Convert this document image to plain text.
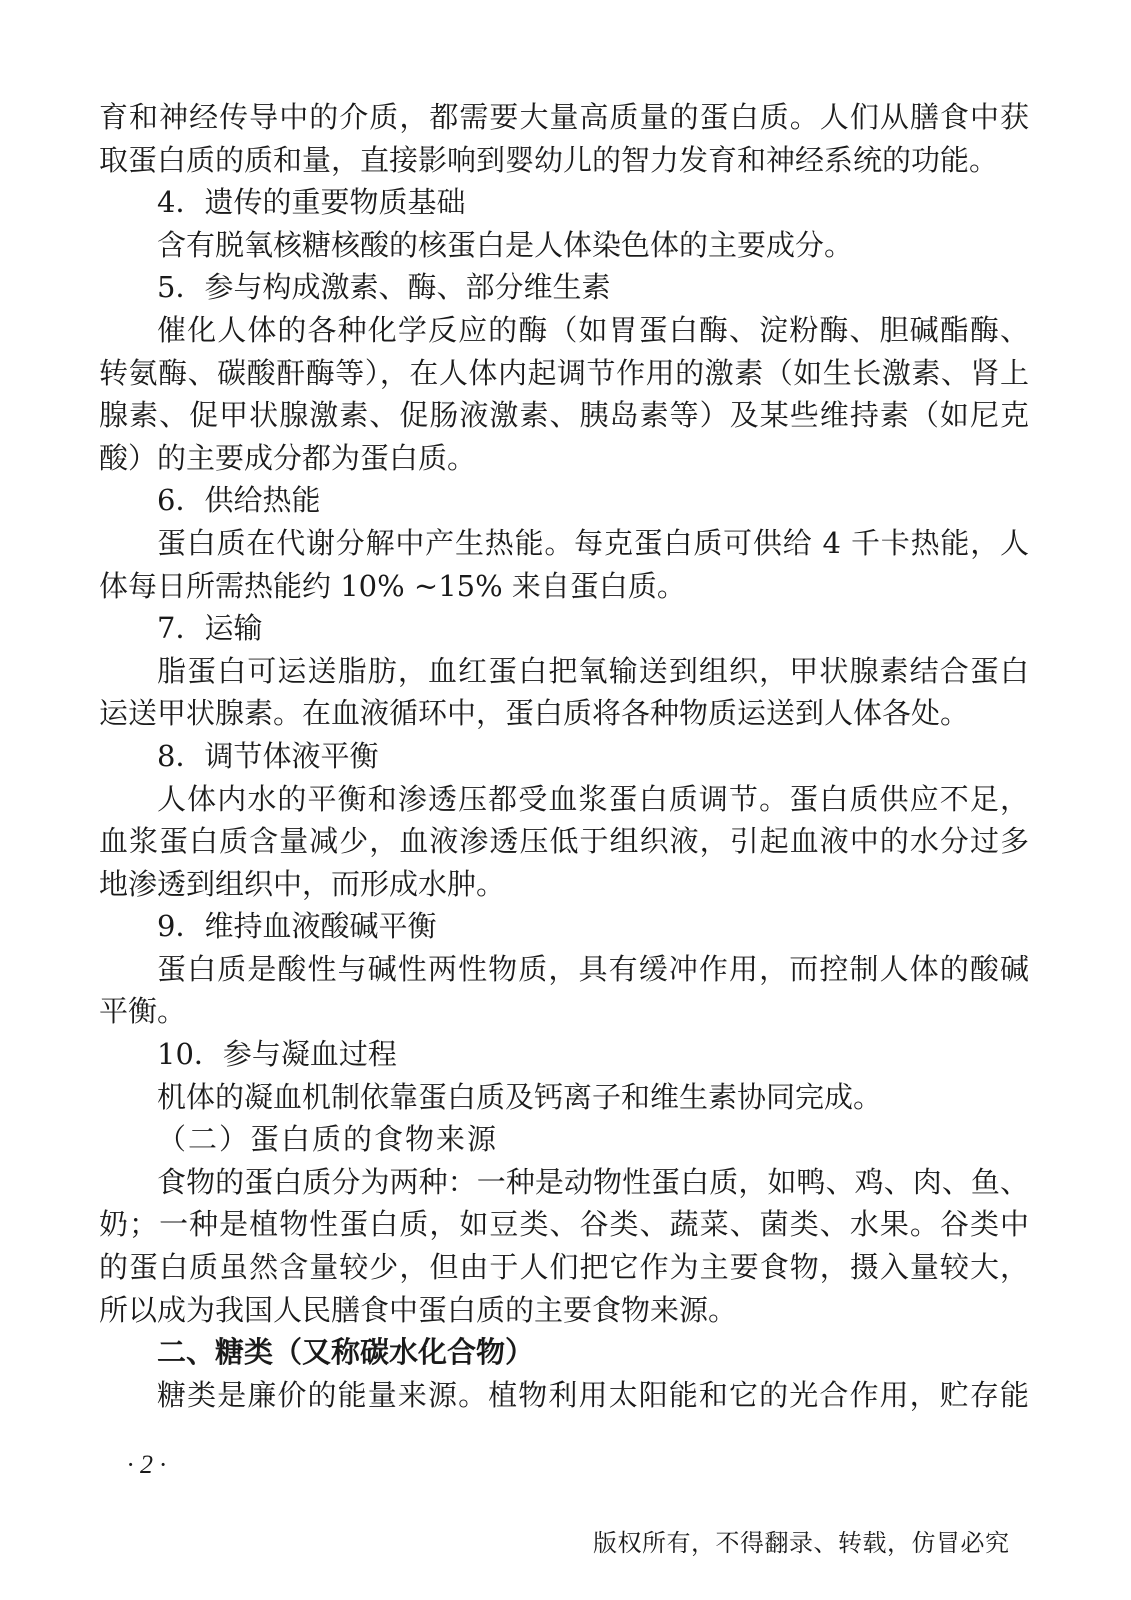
育和神经传导中的介质，都需要大量高质量的蛋白质。人们从膳食中获
取蛋白质的质和量，直接影响到婴幼儿的智力发育和神经系统的功能。
4．遗传的重要物质基础
含有脱氧核糖核酸的核蛋白是人体染色体的主要成分。
5．参与构成激素、酶、部分维生素
催化人体的各种化学反应的酶（如胃蛋白酶、淀粉酶、胆碱酯酶、
转氨酶、碳酸酐酶等），在人体内起调节作用的激素（如生长激素、肾上
腺素、促甲状腺激素、促肠液激素、胰岛素等）及某些维持素（如尼克
酸）的主要成分都为蛋白质。
6．供给热能
蛋白质在代谢分解中产生热能。每克蛋白质可供给 4 千卡热能，人
体每日所需热能约 10% ~15% 来自蛋白质。
7．运输
脂蛋白可运送脂肪，血红蛋白把氧输送到组织，甲状腺素结合蛋白
运送甲状腺素。在血液循环中，蛋白质将各种物质运送到人体各处。
8．调节体液平衡
人体内水的平衡和渗透压都受血浆蛋白质调节。蛋白质供应不足，
血浆蛋白质含量减少，血液渗透压低于组织液，引起血液中的水分过多
地渗透到组织中，而形成水肿。
9．维持血液酸碱平衡
蛋白质是酸性与碱性两性物质，具有缓冲作用，而控制人体的酸碱
平衡。
10．参与凝血过程
机体的凝血机制依靠蛋白质及钙离子和维生素协同完成。
（二）蛋白质的食物来源
食物的蛋白质分为两种：一种是动物性蛋白质，如鸭、鸡、肉、鱼、
奶；一种是植物性蛋白质，如豆类、谷类、蔬菜、菌类、水果。谷类中
的蛋白质虽然含量较少，但由于人们把它作为主要食物，摄入量较大，
所以成为我国人民膳食中蛋白质的主要食物来源。
二、糖类（又称碳水化合物）
糖类是廉价的能量来源。植物利用太阳能和它的光合作用，贮存能
· 2 ·
版权所有，不得翻录、转载，仿冒必究
